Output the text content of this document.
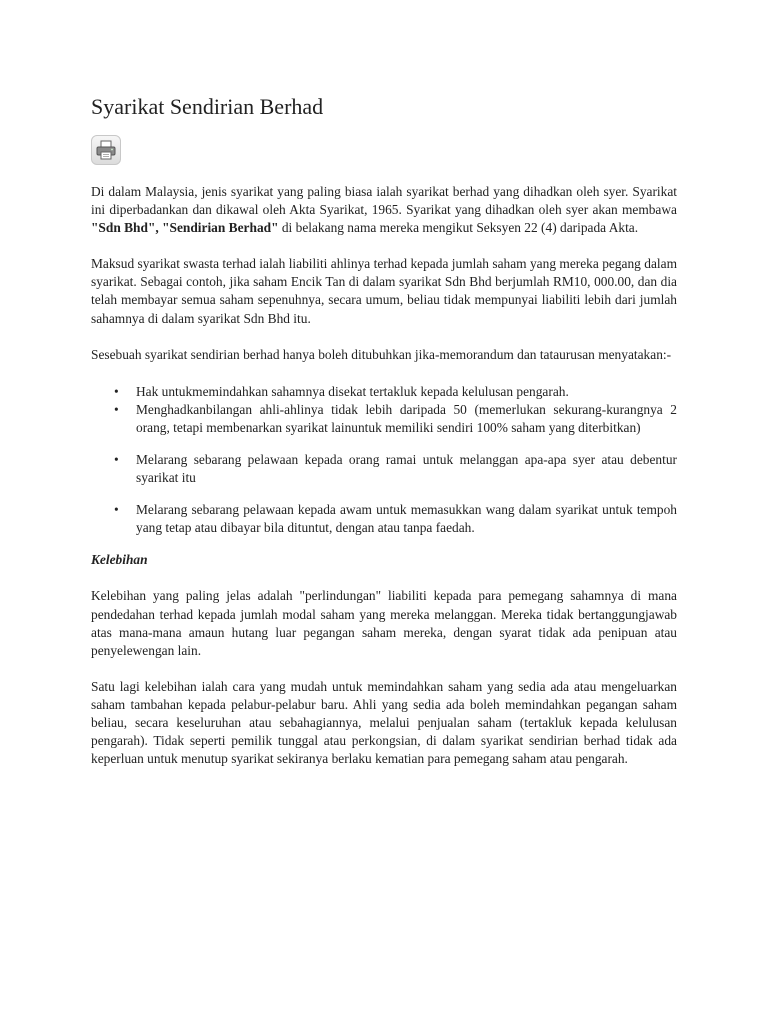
Syarikat Sendirian Berhad

Di dalam Malaysia, jenis syarikat yang paling biasa ialah syarikat berhad yang dihadkan oleh syer. Syarikat ini diperbadankan dan dikawal oleh Akta Syarikat, 1965. Syarikat yang dihadkan oleh syer akan membawa "Sdn Bhd", "Sendirian Berhad" di belakang nama mereka mengikut Seksyen 22 (4) daripada Akta.

Maksud syarikat swasta terhad ialah liabiliti ahlinya terhad kepada jumlah saham yang mereka pegang dalam syarikat. Sebagai contoh, jika saham Encik Tan di dalam syarikat Sdn Bhd berjumlah RM10, 000.00, dan dia telah membayar semua saham sepenuhnya, secara umum, beliau tidak mempunyai liabiliti lebih dari jumlah sahamnya di dalam syarikat Sdn Bhd itu.

Sesebuah syarikat sendirian berhad hanya boleh ditubuhkan jika-memorandum dan tataurusan menyatakan:-

• Hak untukmemindahkan sahamnya disekat tertakluk kepada kelulusan pengarah.
• Menghadkanbilangan ahli-ahlinya tidak lebih daripada 50 (memerlukan sekurang-kurangnya 2 orang, tetapi membenarkan syarikat lainuntuk memiliki sendiri 100% saham yang diterbitkan)
• Melarang sebarang pelawaan kepada orang ramai untuk melanggan apa-apa syer atau debentur syarikat itu
• Melarang sebarang pelawaan kepada awam untuk memasukkan wang dalam syarikat untuk tempoh yang tetap atau dibayar bila dituntut, dengan atau tanpa faedah.
Kelebihan

Kelebihan yang paling jelas adalah "perlindungan" liabiliti kepada para pemegang sahamnya di mana pendedahan terhad kepada jumlah modal saham yang mereka melanggan. Mereka tidak bertanggungjawab atas mana-mana amaun hutang luar pegangan saham mereka, dengan syarat tidak ada penipuan atau penyelewengan lain.

Satu lagi kelebihan ialah cara yang mudah untuk memindahkan saham yang sedia ada atau mengeluarkan saham tambahan kepada pelabur-pelabur baru. Ahli yang sedia ada boleh memindahkan pegangan saham beliau, secara keseluruhan atau sebahagiannya, melalui penjualan saham (tertakluk kepada kelulusan pengarah). Tidak seperti pemilik tunggal atau perkongsian, di dalam syarikat sendirian berhad tidak ada keperluan untuk menutup syarikat sekiranya berlaku kematian para pemegang saham atau pengarah.
